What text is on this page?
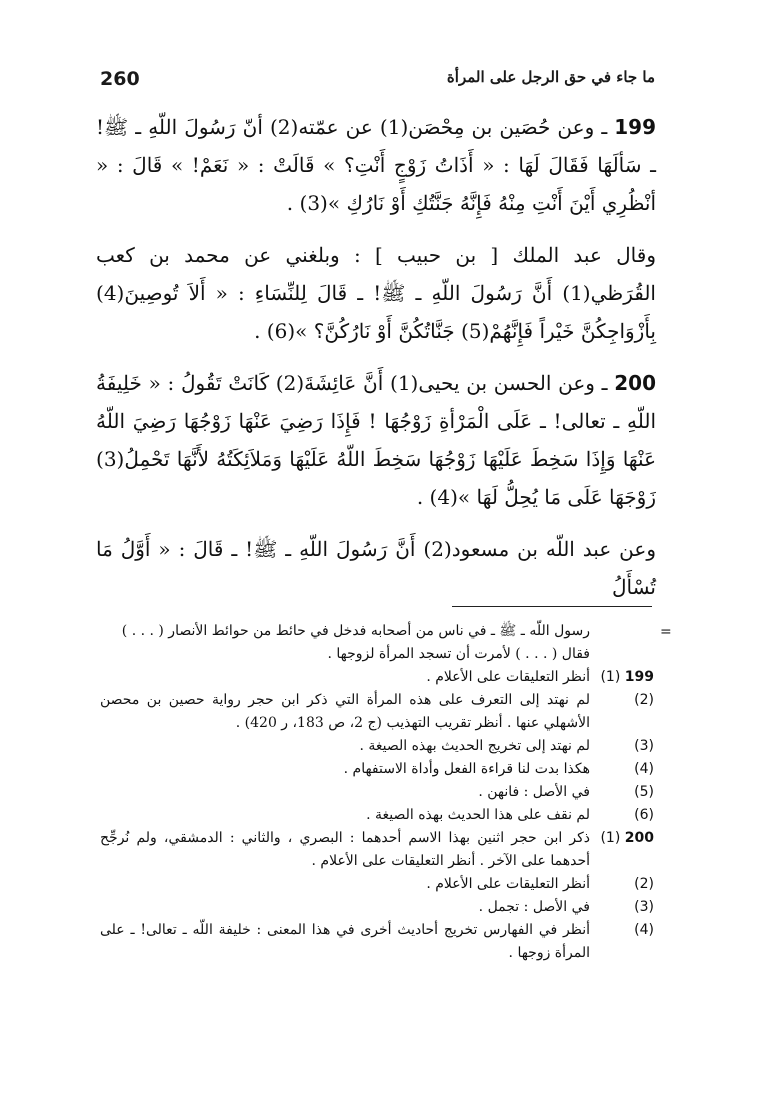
260	ما جاء في حق الرجل على المرأة

199 ـ وعن حُصَين بن مِحْصَن(1) عن عمّته(2) أنّ رَسُولَ اللّهِ ـ ﷺ! ـ سَألَهَا فَقَالَ لَهَا : « أَذَاتُ زَوْجٍ أَنْتِ؟ » قَالَتْ : « نَعَمْ! » قَالَ : « أنْظُرِي أَيْنَ أَنْتِ مِنْهُ فَإِنَّهُ جَنَّتُكِ أَوْ نَارُكِ »(3) .

وقال عبد الملك [ بن حبيب ] : وبلغني عن محمد بن كعب القُرَظي(1) أَنَّ رَسُولَ اللّهِ ـ ﷺ! ـ قَالَ لِلنِّسَاءِ : « أَلاَ تُوصِينَ(4) بِأَزْوَاجِكُنَّ خَيْراً فَإِنَّهُمْ(5) جَنَّاتُكُنَّ أَوْ نَارُكُنَّ؟ »(6) .

200 ـ وعن الحسن بن يحيى(1) أَنَّ عَائِشَةَ(2) كَانَتْ تَقُولُ : « خَلِيفَةُ اللّهِ ـ تعالى! ـ عَلَى الْمَرْأةِ زَوْجُهَا ! فَإِذَا رَضِيَ عَنْهَا زَوْجُهَا رَضِيَ اللّهُ عَنْهَا وَإِذَا سَخِطَ عَلَيْهَا زَوْجُهَا سَخِطَ اللّهُ عَلَيْهَا وَمَلاَئِكَتُهُ لأَنَّهَا تَحْمِلُ(3) زَوْجَهَا عَلَى مَا يُحِلُّ لَهَا »(4) .

وعن عبد اللّه بن مسعود(2) أَنَّ رَسُولَ اللّهِ ـ ﷺ! ـ قَالَ : « أَوَّلُ مَا تُسْأَلُ

=
رسول اللّه ـ ﷺ ـ في ناس من أصحابه فدخل في حائط من حوائط الأنصار ( . . . )
فقال ( . . . ) لأمرت أن تسجد المرأة لزوجها .
199 (1)
أنظر التعليقات على الأعلام .
(2)
لم نهتد إلى التعرف على هذه المرأة التي ذكر ابن حجر رواية حصين بن محصن الأشهلي عنها . أنظر تقريب التهذيب (ج 2، ص 183، ر 420) .
(3)
لم نهتد إلى تخريج الحديث بهذه الصيغة .
(4)
هكذا بدت لنا قراءة الفعل وأداة الاستفهام .
(5)
في الأصل : فانهن .
(6)
لم نقف على هذا الحديث بهذه الصيغة .
200 (1)
ذكر ابن حجر اثنين بهذا الاسم أحدهما : البصري ، والثاني : الدمشقي، ولم نُرجِّح أحدهما على الآخر . أنظر التعليقات على الأعلام .
(2)
أنظر التعليقات على الأعلام .
(3)
في الأصل : تجمل .
(4)
أنظر في الفهارس تخريج أحاديث أخرى في هذا المعنى : خليفة اللّه ـ تعالى! ـ على المرأة زوجها .
